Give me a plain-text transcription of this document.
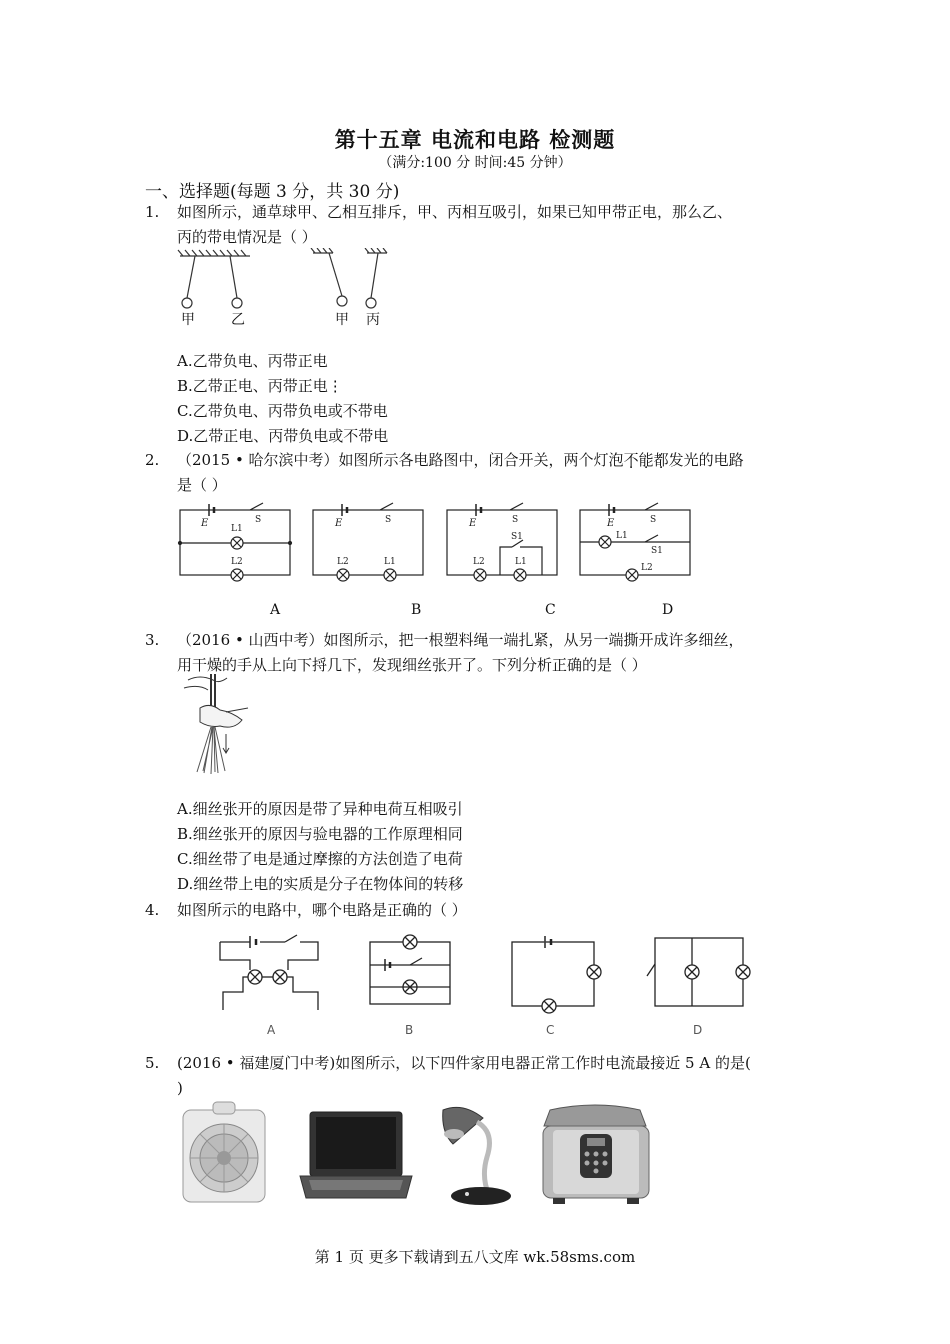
第十五章 电流和电路 检测题
（满分:100 分 时间:45 分钟）
一、选择题(每题 3 分，共 30 分)
1. 如图所示，通草球甲、乙相互排斥，甲、丙相互吸引，如果已知甲带正电，那么乙、
丙的带电情况是（ ）
甲	乙	甲 丙
A.乙带负电、丙带正电
B.乙带正电、丙带正电⋮
C.乙带负电、丙带负电或不带电
D.乙带正电、丙带负电或不带电
2. （2015 • 哈尔滨中考）如图所示各电路图中，闭合开关，两个灯泡不能都发光的电路
是（ ）
E	E	E	E
S
L1
L2
S
L2	L1
S
S1
L2	L1
S
L1
S1
L2
A	B	C	D
3. （2016 • 山西中考）如图所示，把一根塑料绳一端扎紧，从另一端撕开成许多细丝，
用干燥的手从上向下捋几下，发现细丝张开了。下列分析正确的是（ ）
A.细丝张开的原因是带了异种电荷互相吸引
B.细丝张开的原因与验电器的工作原理相同
C.细丝带了电是通过摩擦的方法创造了电荷
D.细丝带上电的实质是分子在物体间的转移
4. 如图所示的电路中，哪个电路是正确的（ ）
A	B	C	D
5. (2016 • 福建厦门中考)如图所示，以下四件家用电器正常工作时电流最接近 5 A 的是(
)
第 1 页 更多下载请到五八文库 wk.58sms.com
